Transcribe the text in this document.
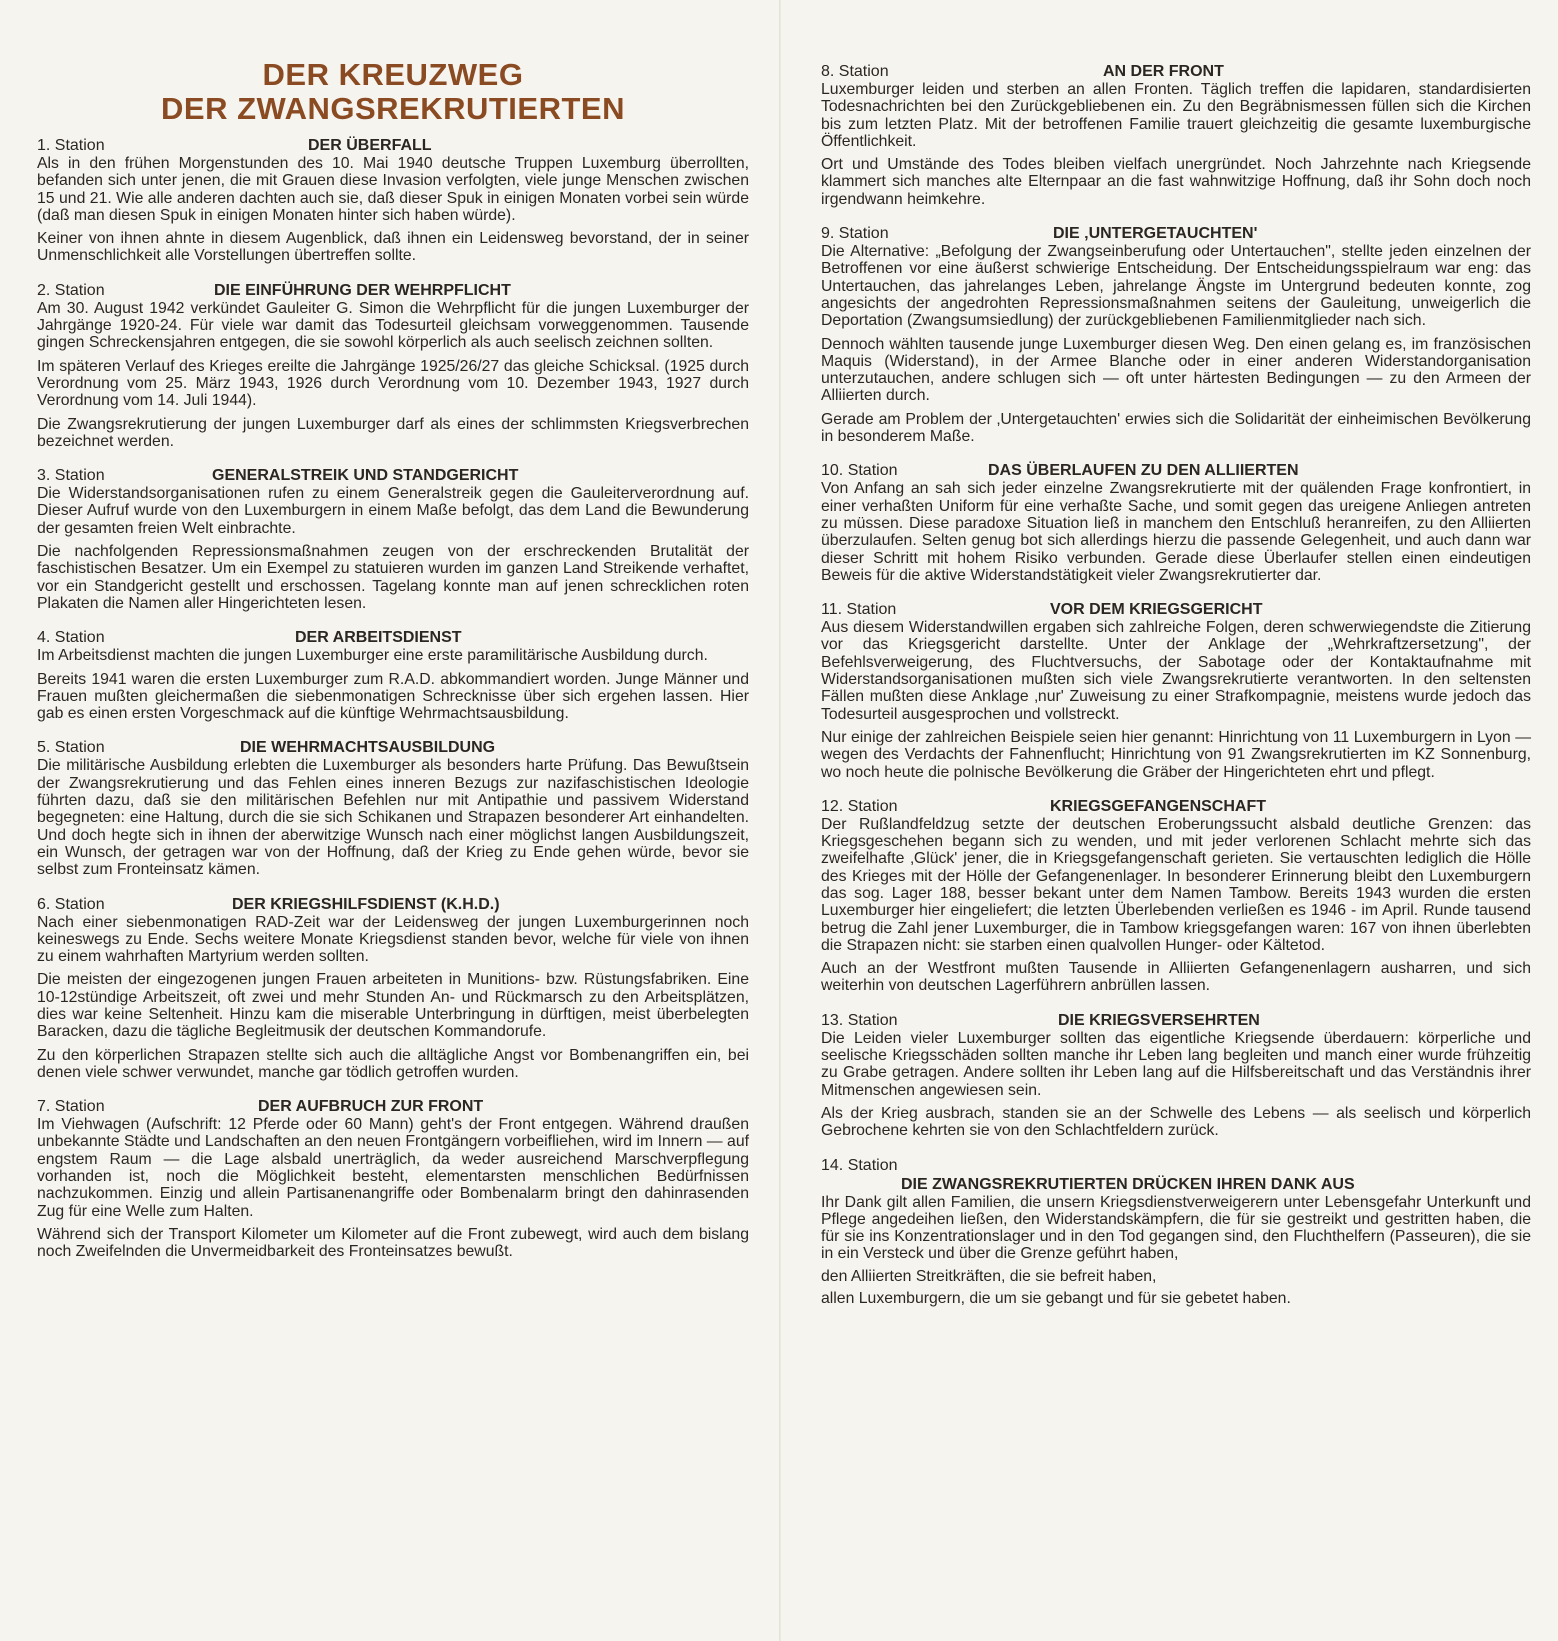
DER KREUZWEG
DER ZWANGSREKRUTIERTEN
1. Station	DER ÜBERFALL

Als in den frühen Morgenstunden des 10. Mai 1940 deutsche Truppen Luxemburg überrollten, befanden sich unter jenen, die mit Grauen diese Invasion verfolgten, viele junge Menschen zwischen 15 und 21. Wie alle anderen dachten auch sie, daß dieser Spuk in einigen Monaten vorbei sein würde (daß man diesen Spuk in einigen Monaten hinter sich haben würde).

Keiner von ihnen ahnte in diesem Augenblick, daß ihnen ein Leidensweg bevorstand, der in seiner Unmenschlichkeit alle Vorstellungen übertreffen sollte.

2. Station	DIE EINFÜHRUNG DER WEHRPFLICHT

Am 30. August 1942 verkündet Gauleiter G. Simon die Wehrpflicht für die jungen Luxemburger der Jahrgänge 1920-24. Für viele war damit das Todesurteil gleichsam vorweggenommen. Tausende gingen Schreckensjahren entgegen, die sie sowohl körperlich als auch seelisch zeichnen sollten.

Im späteren Verlauf des Krieges ereilte die Jahrgänge 1925/26/27 das gleiche Schicksal. (1925 durch Verordnung vom 25. März 1943, 1926 durch Verordnung vom 10. Dezember 1943, 1927 durch Verordnung vom 14. Juli 1944).

Die Zwangsrekrutierung der jungen Luxemburger darf als eines der schlimmsten Kriegsverbrechen bezeichnet werden.

3. Station	GENERALSTREIK UND STANDGERICHT

Die Widerstandsorganisationen rufen zu einem Generalstreik gegen die Gauleiterverordnung auf. Dieser Aufruf wurde von den Luxemburgern in einem Maße befolgt, das dem Land die Bewunderung der gesamten freien Welt einbrachte.

Die nachfolgenden Repressionsmaßnahmen zeugen von der erschreckenden Brutalität der faschistischen Besatzer. Um ein Exempel zu statuieren wurden im ganzen Land Streikende verhaftet, vor ein Standgericht gestellt und erschossen. Tagelang konnte man auf jenen schrecklichen roten Plakaten die Namen aller Hingerichteten lesen.

4. Station	DER ARBEITSDIENST

Im Arbeitsdienst machten die jungen Luxemburger eine erste paramilitärische Ausbildung durch.

Bereits 1941 waren die ersten Luxemburger zum R.A.D. abkommandiert worden. Junge Männer und Frauen mußten gleichermaßen die siebenmonatigen Schrecknisse über sich ergehen lassen. Hier gab es einen ersten Vorgeschmack auf die künftige Wehrmachtsausbildung.

5. Station	DIE WEHRMACHTSAUSBILDUNG

Die militärische Ausbildung erlebten die Luxemburger als besonders harte Prüfung. Das Bewußtsein der Zwangsrekrutierung und das Fehlen eines inneren Bezugs zur nazifaschistischen Ideologie führten dazu, daß sie den militärischen Befehlen nur mit Antipathie und passivem Widerstand begegneten: eine Haltung, durch die sie sich Schikanen und Strapazen besonderer Art einhandelten. Und doch hegte sich in ihnen der aberwitzige Wunsch nach einer möglichst langen Ausbildungszeit, ein Wunsch, der getragen war von der Hoffnung, daß der Krieg zu Ende gehen würde, bevor sie selbst zum Fronteinsatz kämen.

6. Station	DER KRIEGSHILFSDIENST (K.H.D.)

Nach einer siebenmonatigen RAD-Zeit war der Leidensweg der jungen Luxemburgerinnen noch keineswegs zu Ende. Sechs weitere Monate Kriegsdienst standen bevor, welche für viele von ihnen zu einem wahrhaften Martyrium werden sollten.

Die meisten der eingezogenen jungen Frauen arbeiteten in Munitions- bzw. Rüstungsfabriken. Eine 10-12stündige Arbeitszeit, oft zwei und mehr Stunden An- und Rückmarsch zu den Arbeitsplätzen, dies war keine Seltenheit. Hinzu kam die miserable Unterbringung in dürftigen, meist überbelegten Baracken, dazu die tägliche Begleitmusik der deutschen Kommandorufe.

Zu den körperlichen Strapazen stellte sich auch die alltägliche Angst vor Bombenangriffen ein, bei denen viele schwer verwundet, manche gar tödlich getroffen wurden.

7. Station	DER AUFBRUCH ZUR FRONT

Im Viehwagen (Aufschrift: 12 Pferde oder 60 Mann) geht's der Front entgegen. Während draußen unbekannte Städte und Landschaften an den neuen Frontgängern vorbeifliehen, wird im Innern — auf engstem Raum — die Lage alsbald unerträglich, da weder ausreichend Marschverpflegung vorhanden ist, noch die Möglichkeit besteht, elementarsten menschlichen Bedürfnissen nachzukommen. Einzig und allein Partisanenangriffe oder Bombenalarm bringt den dahinrasenden Zug für eine Welle zum Halten.

Während sich der Transport Kilometer um Kilometer auf die Front zubewegt, wird auch dem bislang noch Zweifelnden die Unvermeidbarkeit des Fronteinsatzes bewußt.

8. Station	AN DER FRONT

Luxemburger leiden und sterben an allen Fronten. Täglich treffen die lapidaren, standardisierten Todesnachrichten bei den Zurückgebliebenen ein. Zu den Begräbnismessen füllen sich die Kirchen bis zum letzten Platz. Mit der betroffenen Familie trauert gleichzeitig die gesamte luxemburgische Öffentlichkeit.

Ort und Umstände des Todes bleiben vielfach unergründet. Noch Jahrzehnte nach Kriegsende klammert sich manches alte Elternpaar an die fast wahnwitzige Hoffnung, daß ihr Sohn doch noch irgendwann heimkehre.

9. Station	DIE ‚UNTERGETAUCHTEN'

Die Alternative: „Befolgung der Zwangseinberufung oder Untertauchen", stellte jeden einzelnen der Betroffenen vor eine äußerst schwierige Entscheidung. Der Entscheidungsspielraum war eng: das Untertauchen, das jahrelanges Leben, jahrelange Ängste im Untergrund bedeuten konnte, zog angesichts der angedrohten Repressionsmaßnahmen seitens der Gauleitung, unweigerlich die Deportation (Zwangsumsiedlung) der zurückgebliebenen Familienmitglieder nach sich.

Dennoch wählten tausende junge Luxemburger diesen Weg. Den einen gelang es, im französischen Maquis (Widerstand), in der Armee Blanche oder in einer anderen Widerstandorganisation unterzutauchen, andere schlugen sich — oft unter härtesten Bedingungen — zu den Armeen der Alliierten durch.

Gerade am Problem der ‚Untergetauchten' erwies sich die Solidarität der einheimischen Bevölkerung in besonderem Maße.

10. Station	DAS ÜBERLAUFEN ZU DEN ALLIIERTEN

Von Anfang an sah sich jeder einzelne Zwangsrekrutierte mit der quälenden Frage konfrontiert, in einer verhaßten Uniform für eine verhaßte Sache, und somit gegen das ureigene Anliegen antreten zu müssen. Diese paradoxe Situation ließ in manchem den Entschluß heranreifen, zu den Alliierten überzulaufen. Selten genug bot sich allerdings hierzu die passende Gelegenheit, und auch dann war dieser Schritt mit hohem Risiko verbunden. Gerade diese Überlaufer stellen einen eindeutigen Beweis für die aktive Widerstandstätigkeit vieler Zwangsrekrutierter dar.

11. Station	VOR DEM KRIEGSGERICHT

Aus diesem Widerstandwillen ergaben sich zahlreiche Folgen, deren schwerwiegendste die Zitierung vor das Kriegsgericht darstellte. Unter der Anklage der „Wehrkraftzersetzung", der Befehlsverweigerung, des Fluchtversuchs, der Sabotage oder der Kontaktaufnahme mit Widerstandsorganisationen mußten sich viele Zwangsrekrutierte verantworten. In den seltensten Fällen mußten diese Anklage ‚nur' Zuweisung zu einer Strafkompagnie, meistens wurde jedoch das Todesurteil ausgesprochen und vollstreckt.

Nur einige der zahlreichen Beispiele seien hier genannt: Hinrichtung von 11 Luxemburgern in Lyon — wegen des Verdachts der Fahnenflucht; Hinrichtung von 91 Zwangsrekrutierten im KZ Sonnenburg, wo noch heute die polnische Bevölkerung die Gräber der Hingerichteten ehrt und pflegt.

12. Station	KRIEGSGEFANGENSCHAFT

Der Rußlandfeldzug setzte der deutschen Eroberungssucht alsbald deutliche Grenzen: das Kriegsgeschehen begann sich zu wenden, und mit jeder verlorenen Schlacht mehrte sich das zweifelhafte ‚Glück' jener, die in Kriegsgefangenschaft gerieten. Sie vertauschten lediglich die Hölle des Krieges mit der Hölle der Gefangenenlager. In besonderer Erinnerung bleibt den Luxemburgern das sog. Lager 188, besser bekant unter dem Namen Tambow. Bereits 1943 wurden die ersten Luxemburger hier eingeliefert; die letzten Überlebenden verließen es 1946 - im April. Runde tausend betrug die Zahl jener Luxemburger, die in Tambow kriegsgefangen waren: 167 von ihnen überlebten die Strapazen nicht: sie starben einen qualvollen Hunger- oder Kältetod.

Auch an der Westfront mußten Tausende in Alliierten Gefangenenlagern ausharren, und sich weiterhin von deutschen Lagerführern anbrüllen lassen.

13. Station	DIE KRIEGSVERSEHRTEN

Die Leiden vieler Luxemburger sollten das eigentliche Kriegsende überdauern: körperliche und seelische Kriegsschäden sollten manche ihr Leben lang begleiten und manch einer wurde frühzeitig zu Grabe getragen. Andere sollten ihr Leben lang auf die Hilfsbereitschaft und das Verständnis ihrer Mitmenschen angewiesen sein.

Als der Krieg ausbrach, standen sie an der Schwelle des Lebens — als seelisch und körperlich Gebrochene kehrten sie von den Schlachtfeldern zurück.

14. Station
DIE ZWANGSREKRUTIERTEN DRÜCKEN IHREN DANK AUS

Ihr Dank gilt allen Familien, die unsern Kriegsdienstverweigerern unter Lebensgefahr Unterkunft und Pflege angedeihen ließen, den Widerstandskämpfern, die für sie gestreikt und gestritten haben, die für sie ins Konzentrationslager und in den Tod gegangen sind, den Fluchthelfern (Passeuren), die sie in ein Versteck und über die Grenze geführt haben,

den Alliierten Streitkräften, die sie befreit haben,

allen Luxemburgern, die um sie gebangt und für sie gebetet haben.
